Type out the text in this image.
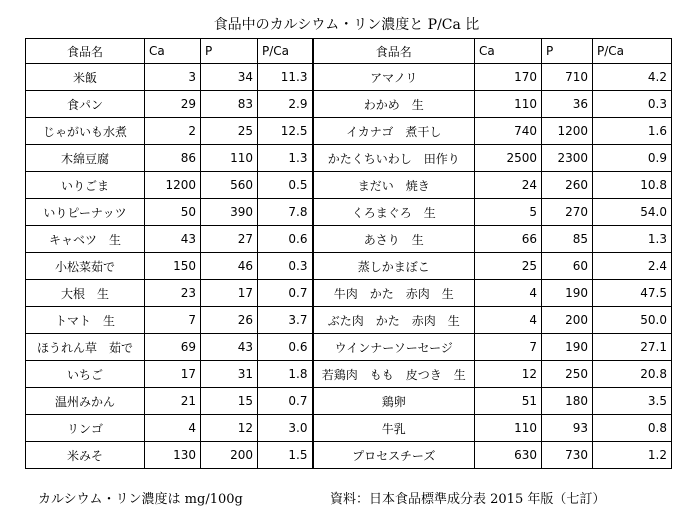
食品中のカルシウム・リン濃度と P/Ca 比
食品名	Ca	P	P/Ca	食品名	Ca	P	P/Ca
米飯	3	34	11.3	アマノリ	170	710	4.2
食パン	29	83	2.9	わかめ　生	110	36	0.3
じゃがいも水煮	2	25	12.5	イカナゴ　煮干し	740	1200	1.6
木綿豆腐	86	110	1.3	かたくちいわし　田作り	2500	2300	0.9
いりごま	1200	560	0.5	まだい　焼き	24	260	10.8
いりピーナッツ	50	390	7.8	くろまぐろ　生	5	270	54.0
キャベツ　生	43	27	0.6	あさり　生	66	85	1.3
小松菜茹で	150	46	0.3	蒸しかまぼこ	25	60	2.4
大根　生	23	17	0.7	牛肉　かた　赤肉　生	4	190	47.5
トマト　生	7	26	3.7	ぶた肉　かた　赤肉　生	4	200	50.0
ほうれん草　茹で	69	43	0.6	ウインナーソーセージ	7	190	27.1
いちご	17	31	1.8	若鶏肉　もも　皮つき　生	12	250	20.8
温州みかん	21	15	0.7	鶏卵	51	180	3.5
リンゴ	4	12	3.0	牛乳	110	93	0.8
米みそ	130	200	1.5	プロセスチーズ	630	730	1.2
カルシウム・リン濃度は mg/100g	資料：日本食品標準成分表 2015 年版（七訂）
